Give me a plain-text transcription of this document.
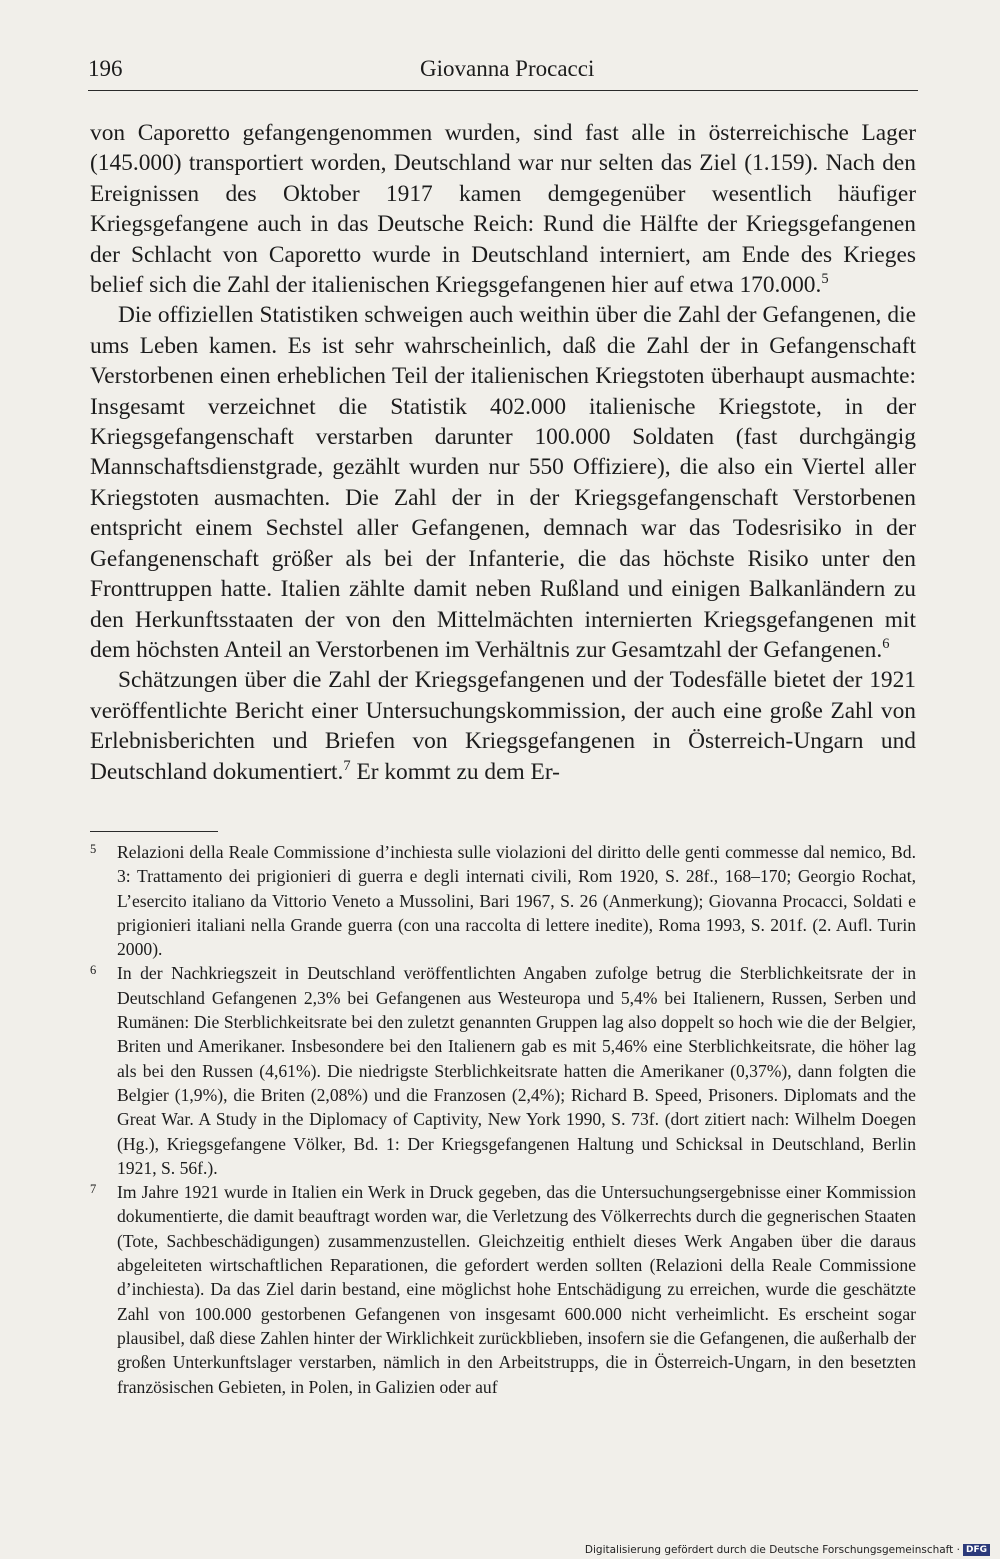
196	Giovanna Procacci

von Caporetto gefangengenommen wurden, sind fast alle in österreichische Lager (145.000) transportiert worden, Deutschland war nur selten das Ziel (1.159). Nach den Ereignissen des Oktober 1917 kamen demgegenüber wesentlich häufiger Kriegsgefangene auch in das Deutsche Reich: Rund die Hälfte der Kriegsgefangenen der Schlacht von Caporetto wurde in Deutschland interniert, am Ende des Krieges belief sich die Zahl der italienischen Kriegsgefangenen hier auf etwa 170.000.$^5$

Die offiziellen Statistiken schweigen auch weithin über die Zahl der Gefangenen, die ums Leben kamen. Es ist sehr wahrscheinlich, daß die Zahl der in Gefangenschaft Verstorbenen einen erheblichen Teil der italienischen Kriegstoten überhaupt ausmachte: Insgesamt verzeichnet die Statistik 402.000 italienische Kriegstote, in der Kriegsgefangenschaft verstarben darunter 100.000 Soldaten (fast durchgängig Mannschaftsdienstgrade, gezählt wurden nur 550 Offiziere), die also ein Viertel aller Kriegstoten ausmachten. Die Zahl der in der Kriegsgefangenschaft Verstorbenen entspricht einem Sechstel aller Gefangenen, demnach war das Todesrisiko in der Gefangenenschaft größer als bei der Infanterie, die das höchste Risiko unter den Fronttruppen hatte. Italien zählte damit neben Rußland und einigen Balkanländern zu den Herkunftsstaaten der von den Mittelmächten internierten Kriegsgefangenen mit dem höchsten Anteil an Verstorbenen im Verhältnis zur Gesamtzahl der Gefangenen.$^6$

Schätzungen über die Zahl der Kriegsgefangenen und der Todesfälle bietet der 1921 veröffentlichte Bericht einer Untersuchungskommission, der auch eine große Zahl von Erlebnisberichten und Briefen von Kriegsgefangenen in Österreich-Ungarn und Deutschland dokumentiert.$^7$ Er kommt zu dem Er-

5 Relazioni della Reale Commissione d’inchiesta sulle violazioni del diritto delle genti commesse dal nemico, Bd. 3: Trattamento dei prigionieri di guerra e degli internati civili, Rom 1920, S. 28f., 168–170; Georgio Rochat, L’esercito italiano da Vittorio Veneto a Mussolini, Bari 1967, S. 26 (Anmerkung); Giovanna Procacci, Soldati e prigionieri italiani nella Grande guerra (con una raccolta di lettere inedite), Roma 1993, S. 201f. (2. Aufl. Turin 2000).

6 In der Nachkriegszeit in Deutschland veröffentlichten Angaben zufolge betrug die Sterblichkeitsrate der in Deutschland Gefangenen 2,3% bei Gefangenen aus Westeuropa und 5,4% bei Italienern, Russen, Serben und Rumänen: Die Sterblichkeitsrate bei den zuletzt genannten Gruppen lag also doppelt so hoch wie die der Belgier, Briten und Amerikaner. Insbesondere bei den Italienern gab es mit 5,46% eine Sterblichkeitsrate, die höher lag als bei den Russen (4,61%). Die niedrigste Sterblichkeitsrate hatten die Amerikaner (0,37%), dann folgten die Belgier (1,9%), die Briten (2,08%) und die Franzosen (2,4%); Richard B. Speed, Prisoners. Diplomats and the Great War. A Study in the Diplomacy of Captivity, New York 1990, S. 73f. (dort zitiert nach: Wilhelm Doegen (Hg.), Kriegsgefangene Völker, Bd. 1: Der Kriegsgefangenen Haltung und Schicksal in Deutschland, Berlin 1921, S. 56f.).

7 Im Jahre 1921 wurde in Italien ein Werk in Druck gegeben, das die Untersuchungsergebnisse einer Kommission dokumentierte, die damit beauftragt worden war, die Verletzung des Völkerrechts durch die gegnerischen Staaten (Tote, Sachbeschädigungen) zusammenzustellen. Gleichzeitig enthielt dieses Werk Angaben über die daraus abgeleiteten wirtschaftlichen Reparationen, die gefordert werden sollten (Relazioni della Reale Commissione d’inchiesta). Da das Ziel darin bestand, eine möglichst hohe Entschädigung zu erreichen, wurde die geschätzte Zahl von 100.000 gestorbenen Gefangenen von insgesamt 600.000 nicht verheimlicht. Es erscheint sogar plausibel, daß diese Zahlen hinter der Wirklichkeit zurückblieben, insofern sie die Gefangenen, die außerhalb der großen Unterkunftslager verstarben, nämlich in den Arbeitstrupps, die in Österreich-Ungarn, in den besetzten französischen Gebieten, in Polen, in Galizien oder auf

Digitalisierung gefördert durch die Deutsche Forschungsgemeinschaft · DFG
